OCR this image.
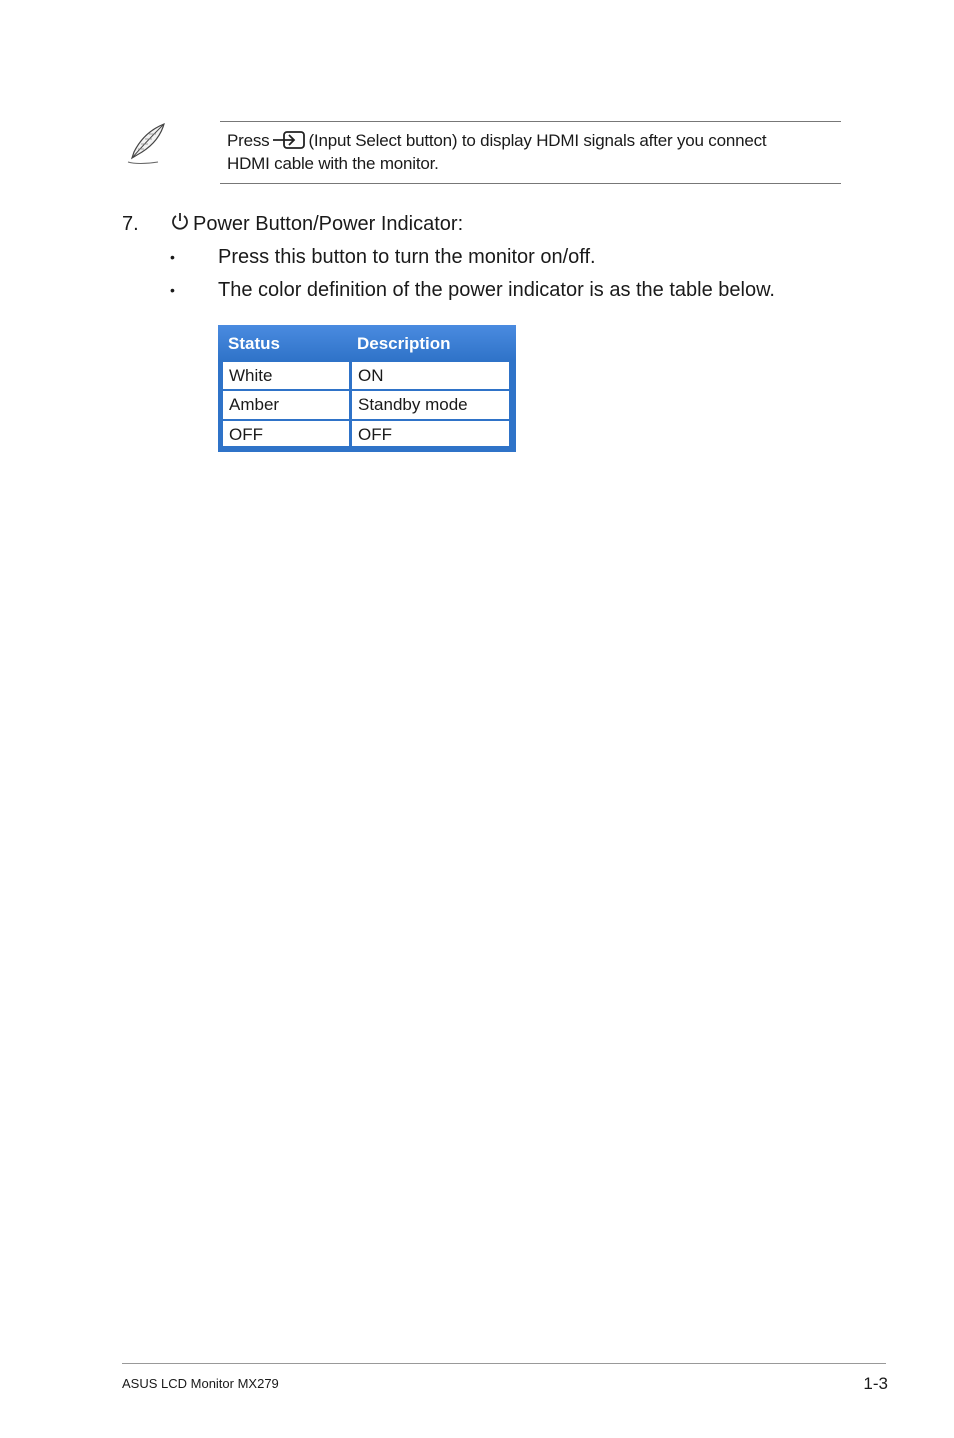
Press (Input Select button) to display HDMI signals after you connect
HDMI cable with the monitor.
7.	Power Button/Power Indicator:
• Press this button to turn the monitor on/off.
• The color definition of the power indicator is as the table below.
Status	Description
White	ON
Amber	Standby mode
OFF	OFF
ASUS LCD Monitor MX279	1-3
